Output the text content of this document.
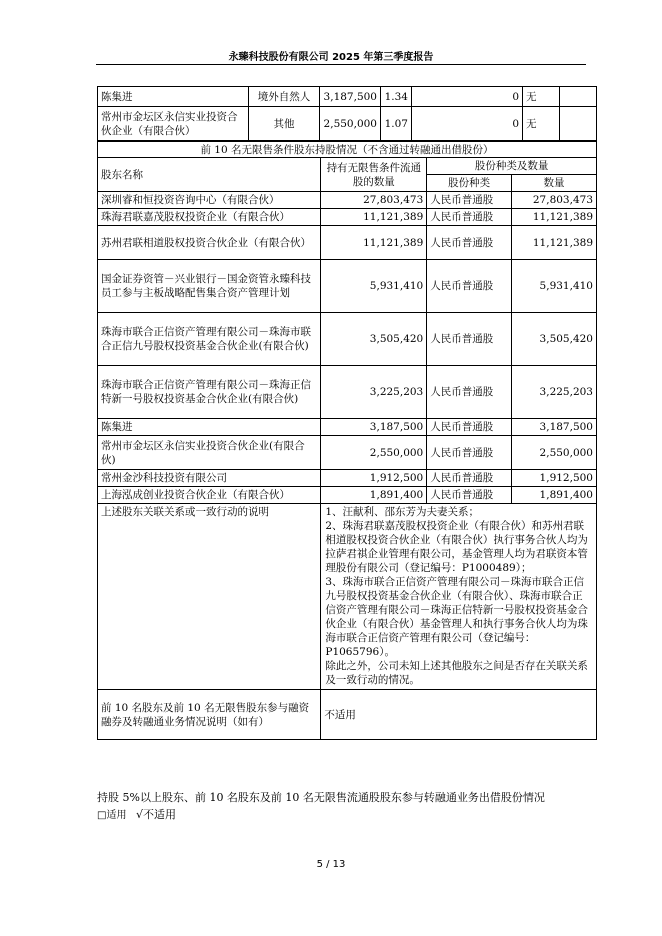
永臻科技股份有限公司 2025 年第三季度报告
陈集进	境外自然人	3,187,500	1.34	0	无	
常州市金坛区永信实业投资合伙企业（有限合伙）	其他	2,550,000	1.07	0	无	
前 10 名无限售条件股东持股情况（不含通过转融通出借股份）			
股东名称	持有无限售条件流通股的数量	股份种类及数量	
		股份种类	数量
深圳睿和恒投资咨询中心（有限合伙）	27,803,473	人民币普通股	27,803,473
珠海君联嘉茂股权投资企业（有限合伙）	11,121,389	人民币普通股	11,121,389
苏州君联相道股权投资合伙企业（有限合伙）	11,121,389	人民币普通股	11,121,389
国金证券资管－兴业银行－国金资管永臻科技员工参与主板战略配售集合资产管理计划	5,931,410	人民币普通股	5,931,410
珠海市联合正信资产管理有限公司－珠海市联合正信九号股权投资基金合伙企业(有限合伙)	3,505,420	人民币普通股	3,505,420
珠海市联合正信资产管理有限公司－珠海正信特新一号股权投资基金合伙企业(有限合伙)	3,225,203	人民币普通股	3,225,203
陈集进	3,187,500	人民币普通股	3,187,500
常州市金坛区永信实业投资合伙企业(有限合伙)	2,550,000	人民币普通股	2,550,000
常州金沙科技投资有限公司	1,912,500	人民币普通股	1,912,500
上海泓成创业投资合伙企业（有限合伙）	1,891,400	人民币普通股	1,891,400
上述股东关联关系或一致行动的说明	1、汪献利、邵东芳为夫妻关系；
2、珠海君联嘉茂股权投资企业（有限合伙）和苏州君联相道股权投资合伙企业（有限合伙）执行事务合伙人均为拉萨君祺企业管理有限公司，基金管理人均为君联资本管理股份有限公司（登记编号：P1000489）；
3、珠海市联合正信资产管理有限公司－珠海市联合正信九号股权投资基金合伙企业（有限合伙）、珠海市联合正信资产管理有限公司－珠海正信特新一号股权投资基金合伙企业（有限合伙）基金管理人和执行事务合伙人均为珠海市联合正信资产管理有限公司（登记编号：P1065796）。
除此之外，公司未知上述其他股东之间是否存在关联关系及一致行动的情况。		

前 10 名股东及前 10 名无限售股东参与融资融券及转融通业务情况说明（如有）	不适用		
持股 5%以上股东、前 10 名股东及前 10 名无限售流通股股东参与转融通业务出借股份情况
□适用 √不适用
5 / 13
